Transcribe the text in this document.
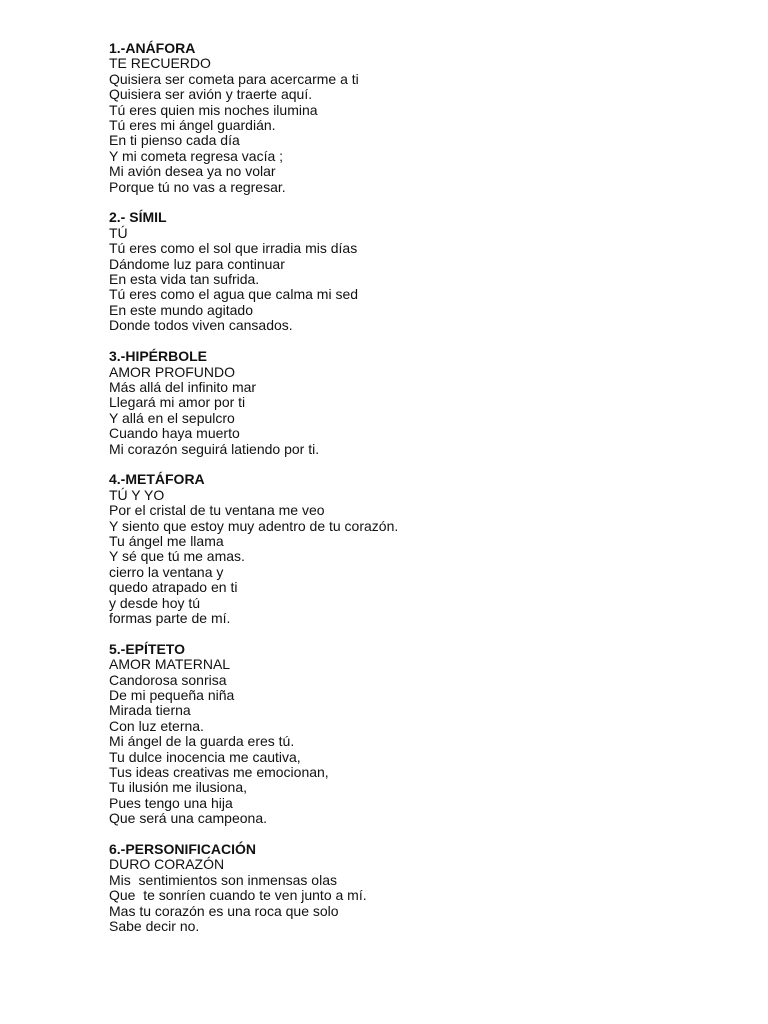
1.-ANÁFORA
TE RECUERDO
Quisiera ser cometa para acercarme a ti
Quisiera ser avión y traerte aquí.
Tú eres quien mis noches ilumina
Tú eres mi ángel guardián.
En ti pienso cada día
Y mi cometa regresa vacía ;
Mi avión desea ya no volar
Porque tú no vas a regresar.
2.- SÍMIL
TÚ
Tú eres como el sol que irradia mis días
Dándome luz para continuar
En esta vida tan sufrida.
Tú eres como el agua que calma mi sed
En este mundo agitado
Donde todos viven cansados.
3.-HIPÉRBOLE
AMOR PROFUNDO
Más allá del infinito mar
Llegará mi amor por ti
Y allá en el sepulcro
Cuando haya muerto
Mi corazón seguirá latiendo por ti.
4.-METÁFORA
TÚ Y YO
Por el cristal de tu ventana me veo
Y siento que estoy muy adentro de tu corazón.
Tu ángel me llama
Y sé que tú me amas.
cierro la ventana y
quedo atrapado en ti
y desde hoy tú
formas parte de mí.
5.-EPÍTETO
AMOR MATERNAL
Candorosa sonrisa
De mi pequeña niña
Mirada tierna
Con luz eterna.
Mi ángel de la guarda eres tú.
Tu dulce inocencia me cautiva,
Tus ideas creativas me emocionan,
Tu ilusión me ilusiona,
Pues tengo una hija
Que será una campeona.
6.-PERSONIFICACIÓN
DURO CORAZÓN
Mis  sentimientos son inmensas olas
Que  te sonríen cuando te ven junto a mí.
Mas tu corazón es una roca que solo
Sabe decir no.
